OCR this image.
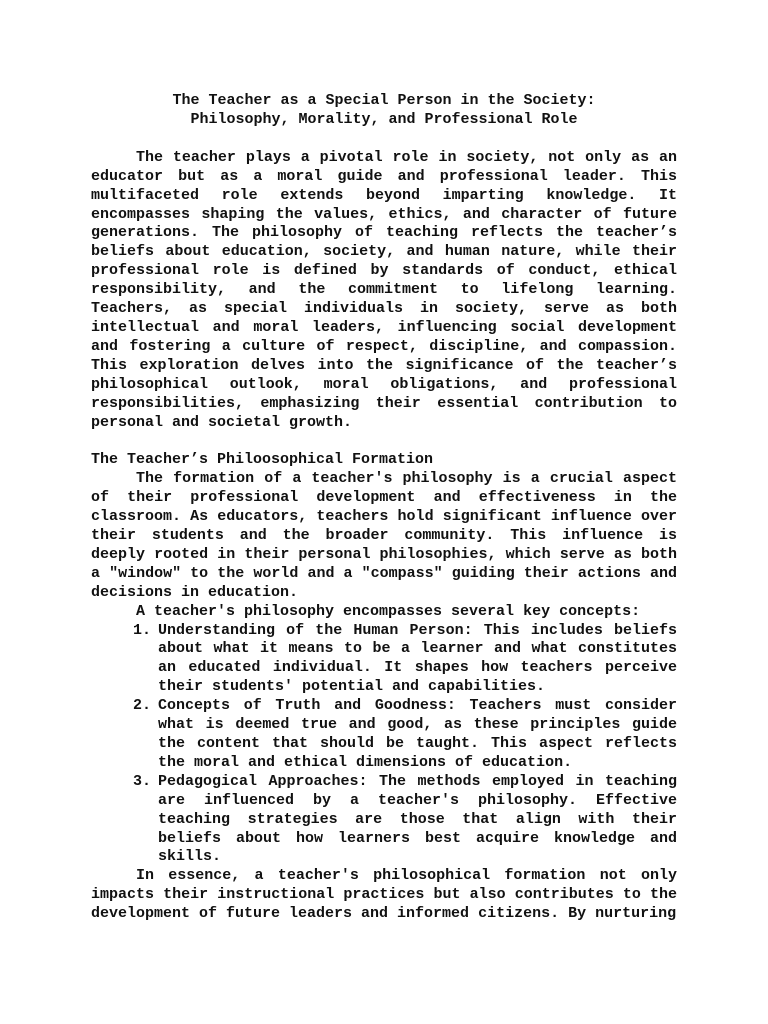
The Teacher as a Special Person in the Society:
Philosophy, Morality, and Professional Role

The teacher plays a pivotal role in society, not only as an educator but as a moral guide and professional leader. This multifaceted role extends beyond imparting knowledge. It encompasses shaping the values, ethics, and character of future generations. The philosophy of teaching reflects the teacher’s beliefs about education, society, and human nature, while their professional role is defined by standards of conduct, ethical responsibility, and the commitment to lifelong learning. Teachers, as special individuals in society, serve as both intellectual and moral leaders, influencing social development and fostering a culture of respect, discipline, and compassion. This exploration delves into the significance of the teacher’s philosophical outlook, moral obligations, and professional responsibilities, emphasizing their essential contribution to personal and societal growth.

The Teacher’s Philoosophical Formation

The formation of a teacher's philosophy is a crucial aspect of their professional development and effectiveness in the classroom. As educators, teachers hold significant influence over their students and the broader community. This influence is deeply rooted in their personal philosophies, which serve as both a "window" to the world and a "compass" guiding their actions and decisions in education.

A teacher's philosophy encompasses several key concepts:

1. Understanding of the Human Person: This includes beliefs about what it means to be a learner and what constitutes an educated individual. It shapes how teachers perceive their students' potential and capabilities.
2. Concepts of Truth and Goodness: Teachers must consider what is deemed true and good, as these principles guide the content that should be taught. This aspect reflects the moral and ethical dimensions of education.
3. Pedagogical Approaches: The methods employed in teaching are influenced by a teacher's philosophy. Effective teaching strategies are those that align with their beliefs about how learners best acquire knowledge and skills.

In essence, a teacher's philosophical formation not only impacts their instructional practices but also contributes to the development of future leaders and informed citizens. By nurturing
